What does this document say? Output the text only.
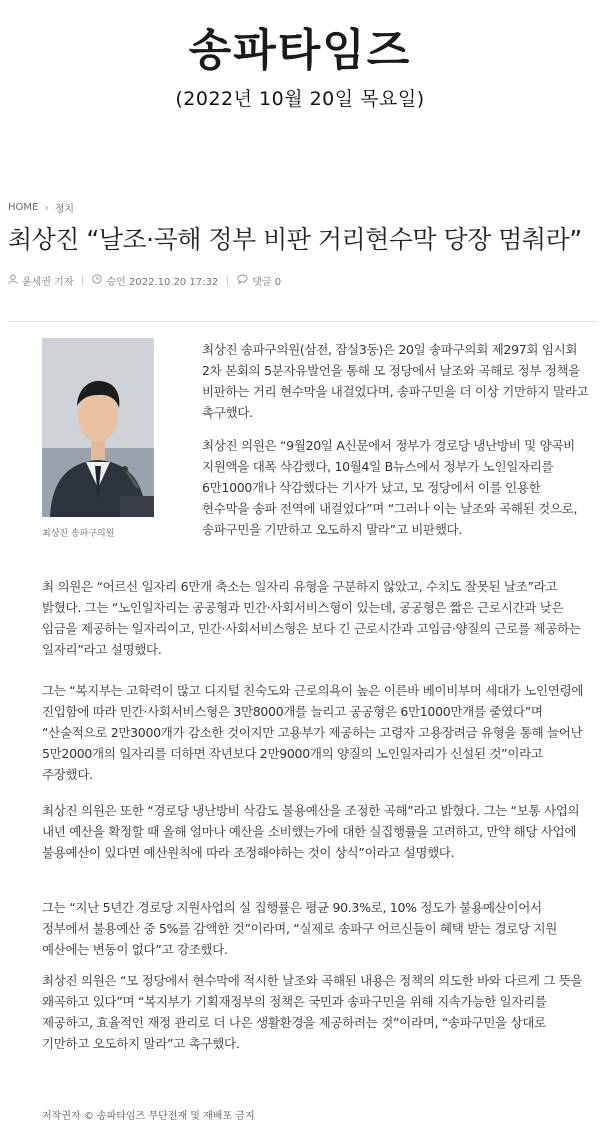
송파타임즈
(2022년 10월 20일 목요일)
HOME › 정치
최상진 “날조·곡해 정부 비판 거리현수막 당장 멈춰라”
윤세권 기자	승인 2022.10.20 17:32	댓글 0
최상진 송파구의원

최상진 송파구의원(삼전, 잠실3동)은 20일 송파구의회 제297회 임시회 2차 본회의 5분자유발언을 통해 모 정당에서 날조와 곡해로 정부 정책을 비판하는 거리 현수막을 내걸었다며, 송파구민을 더 이상 기만하지 말라고 촉구했다.

최상진 의원은 “9월20일 A신문에서 정부가 경로당 냉난방비 및 양곡비 지원액을 대폭 삭감했다, 10월4일 B뉴스에서 정부가 노인일자리를 6만1000개나 삭감했다는 기사가 났고, 모 정당에서 이를 인용한 현수막을 송파 전역에 내걸었다”며 “그러나 이는 날조와 곡해된 것으로, 송파구민을 기만하고 오도하지 말라”고 비판했다.

최 의원은 “어르신 일자리 6만개 축소는 일자리 유형을 구분하지 않았고, 수치도 잘못된 날조”라고 밝혔다. 그는 “노인일자리는 공공형과 민간·사회서비스형이 있는데, 공공형은 짧은 근로시간과 낮은 임금을 제공하는 일자리이고, 민간·사회서비스형은 보다 긴 근로시간과 고임금·양질의 근로를 제공하는 일자리”라고 설명했다.

그는 “복지부는 고학력이 많고 디지털 친숙도와 근로의욕이 높은 이른바 베이비부머 세대가 노인연령에 진입함에 따라 민간·사회서비스형은 3만8000개를 늘리고 공공형은 6만1000만개를 줄였다”며 “산술적으로 2만3000개가 감소한 것이지만 고용부가 제공하는 고령자 고용장려금 유형을 통해 늘어난 5만2000개의 일자리를 더하면 작년보다 2만9000개의 양질의 노인일자리가 신설된 것”이라고 주장했다.

최상진 의원은 또한 “경로당 냉난방비 삭감도 불용예산을 조정한 곡해”라고 밝혔다. 그는 “보통 사업의 내년 예산을 확정할 때 올해 얼마나 예산을 소비했는가에 대한 실집행률을 고려하고, 만약 해당 사업에 불용예산이 있다면 예산원칙에 따라 조정해야하는 것이 상식”이라고 설명했다.

그는 “지난 5년간 경로당 지원사업의 실 집행률은 평균 90.3%로, 10% 정도가 불용예산이어서 정부에서 불용예산 중 5%를 감액한 것”이라며, “실제로 송파구 어르신들이 혜택 받는 경로당 지원 예산에는 변동이 없다”고 강조했다.

최상진 의원은 “모 정당에서 현수막에 적시한 날조와 곡해된 내용은 정책의 의도한 바와 다르게 그 뜻을 왜곡하고 있다”며 “복지부가 기획재정부의 정책은 국민과 송파구민을 위해 지속가능한 일자리를 제공하고, 효율적인 재정 관리로 더 나은 생활환경을 제공하려는 것”이라며, “송파구민을 상대로 기만하고 오도하지 말라”고 촉구했다.

저작권자 © 송파타임즈 무단전재 및 재배포 금지
